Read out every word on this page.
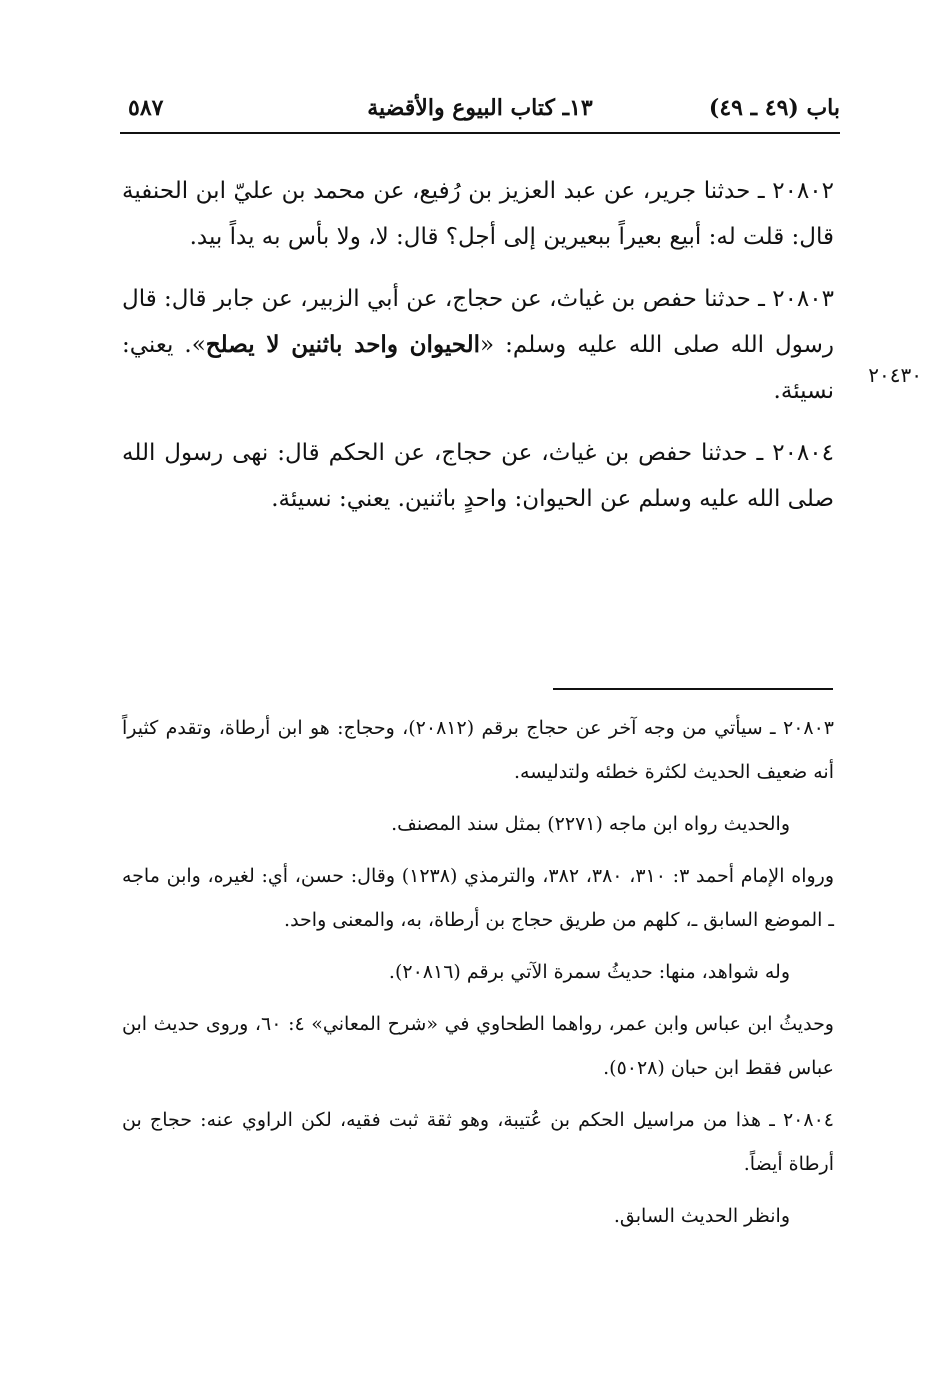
باب (٤٩ ـ ٤٩)
١٣ـ كتاب البيوع والأقضية
٥٨٧
٢٠٤٣٠

٢٠٨٠٢ ـ حدثنا جرير، عن عبد العزيز بن رُفيع، عن محمد بن عليّ ابن الحنفية قال: قلت له: أبيع بعيراً ببعيرين إلى أجل؟ قال: لا، ولا بأس به يداً بيد.

٢٠٨٠٣ ـ حدثنا حفص بن غياث، عن حجاج، عن أبي الزبير، عن جابر قال: قال رسول الله صلى الله عليه وسلم: «الحيوان واحد باثنين لا يصلح». يعني: نسيئة.

٢٠٨٠٤ ـ حدثنا حفص بن غياث، عن حجاج، عن الحكم قال: نهى رسول الله صلى الله عليه وسلم عن الحيوان: واحدٍ باثنين. يعني: نسيئة.

٢٠٨٠٣ ـ سيأتي من وجه آخر عن حجاج برقم (٢٠٨١٢)، وحجاج: هو ابن أرطاة، وتقدم كثيراً أنه ضعيف الحديث لكثرة خطئه ولتدليسه.

والحديث رواه ابن ماجه (٢٢٧١) بمثل سند المصنف.

ورواه الإمام أحمد ٣: ٣١٠، ٣٨٠، ٣٨٢، والترمذي (١٢٣٨) وقال: حسن، أي: لغيره، وابن ماجه ـ الموضع السابق ـ، كلهم من طريق حجاج بن أرطاة، به، والمعنى واحد.

وله شواهد، منها: حديثُ سمرة الآتي برقم (٢٠٨١٦).

وحديثُ ابن عباس وابن عمر، رواهما الطحاوي في «شرح المعاني» ٤: ٦٠، وروى حديث ابن عباس فقط ابن حبان (٥٠٢٨).

٢٠٨٠٤ ـ هذا من مراسيل الحكم بن عُتيبة، وهو ثقة ثبت فقيه، لكن الراوي عنه: حجاج بن أرطاة أيضاً.

وانظر الحديث السابق.
